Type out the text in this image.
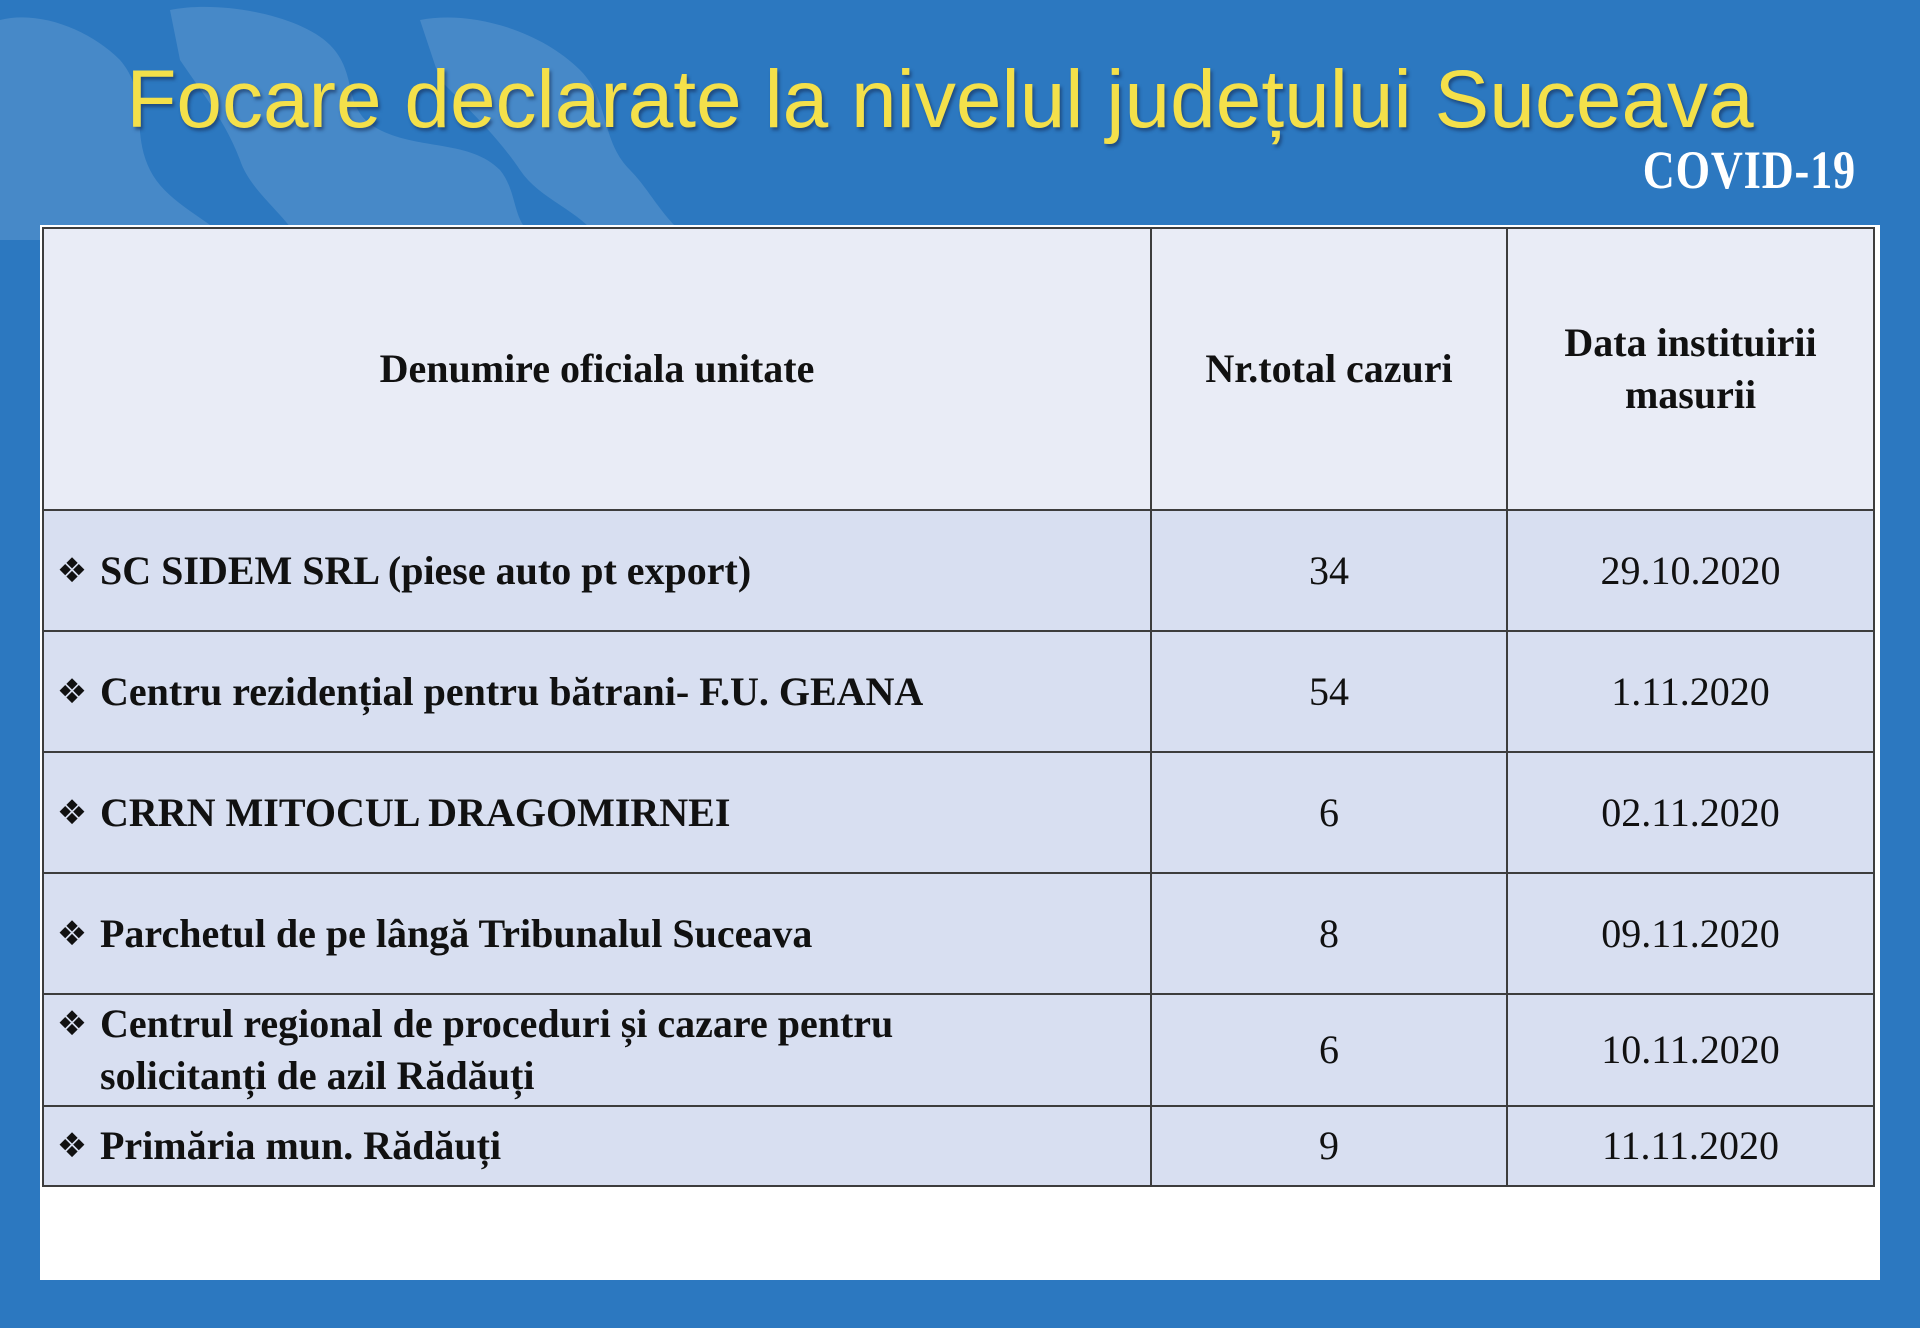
Focare declarate la nivelul județului Suceava
COVID-19
Denumire oficiala unitate	Nr.total cazuri	Data instituirii
masurii

❖ SC SIDEM SRL (piese auto pt export)	34	29.10.2020

❖ Centru rezidențial pentru bătrani- F.U. GEANA	54	1.11.2020

❖ CRRN MITOCUL DRAGOMIRNEI	6	02.11.2020

❖ Parchetul de pe lângă Tribunalul Suceava	8	09.11.2020

❖ Centrul regional de proceduri și cazare pentru
solicitanți de azil Rădăuți	6	10.11.2020

❖ Primăria mun. Rădăuți	9	11.11.2020
